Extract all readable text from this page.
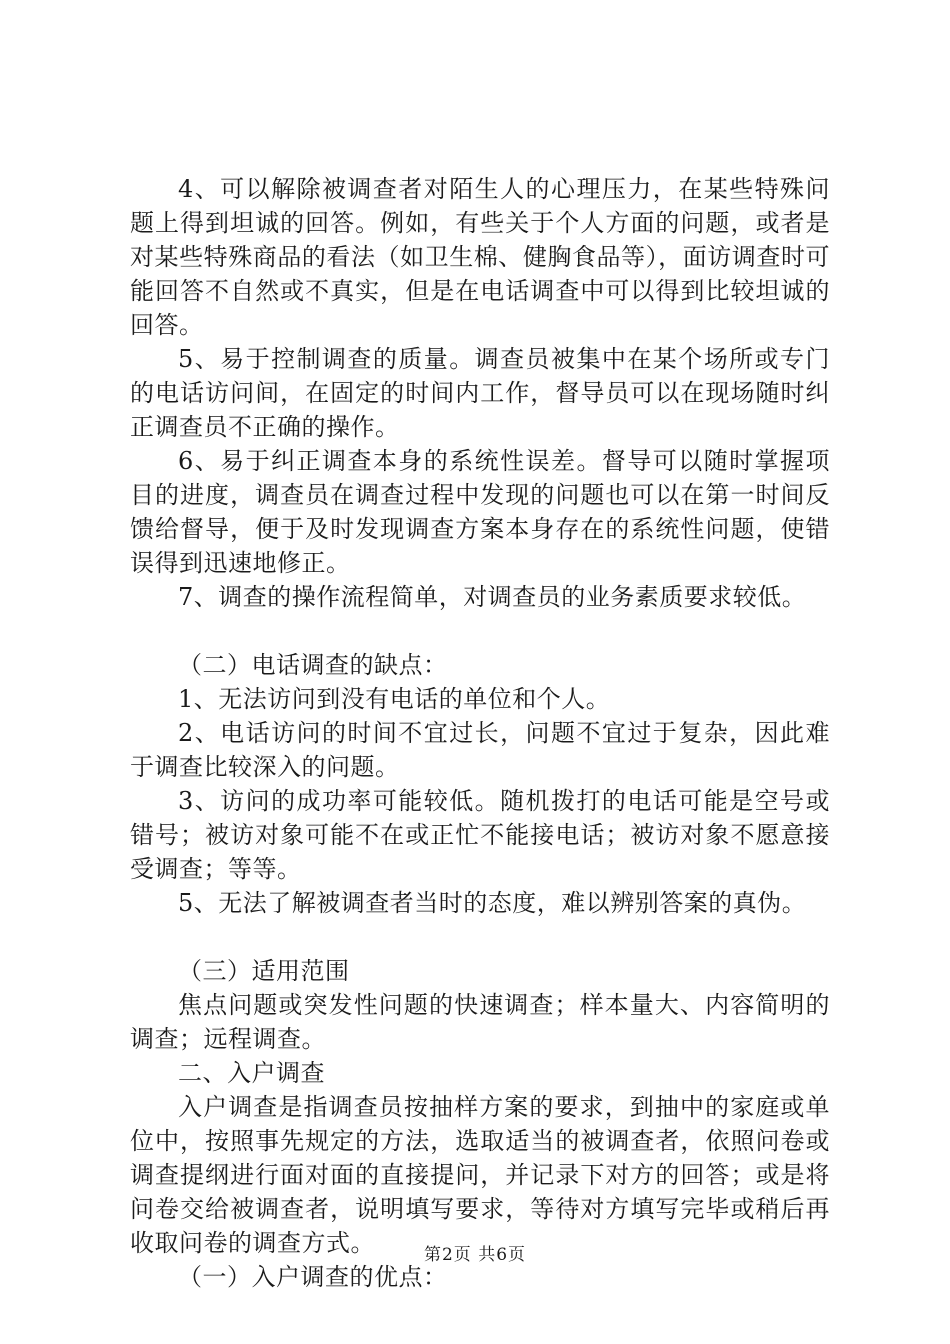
4、可以解除被调查者对陌生人的心理压力，在某些特殊问题上得到坦诚的回答。例如，有些关于个人方面的问题，或者是对某些特殊商品的看法（如卫生棉、健胸食品等），面访调查时可能回答不自然或不真实，但是在电话调查中可以得到比较坦诚的回答。

5、易于控制调查的质量。调查员被集中在某个场所或专门的电话访问间，在固定的时间内工作，督导员可以在现场随时纠正调查员不正确的操作。

6、易于纠正调查本身的系统性误差。督导可以随时掌握项目的进度，调查员在调查过程中发现的问题也可以在第一时间反馈给督导，便于及时发现调查方案本身存在的系统性问题，使错误得到迅速地修正。

7、调查的操作流程简单，对调查员的业务素质要求较低。

（二）电话调查的缺点：

1、无法访问到没有电话的单位和个人。

2、电话访问的时间不宜过长，问题不宜过于复杂，因此难于调查比较深入的问题。

3、访问的成功率可能较低。随机拨打的电话可能是空号或错号；被访对象可能不在或正忙不能接电话；被访对象不愿意接受调查；等等。

5、无法了解被调查者当时的态度，难以辨别答案的真伪。

（三）适用范围

焦点问题或突发性问题的快速调查；样本量大、内容简明的调查；远程调查。

二、入户调查

入户调查是指调查员按抽样方案的要求，到抽中的家庭或单位中，按照事先规定的方法，选取适当的被调查者，依照问卷或调查提纲进行面对面的直接提问，并记录下对方的回答；或是将问卷交给被调查者，说明填写要求，等待对方填写完毕或稍后再收取问卷的调查方式。

（一）入户调查的优点：

第2页 共6页
